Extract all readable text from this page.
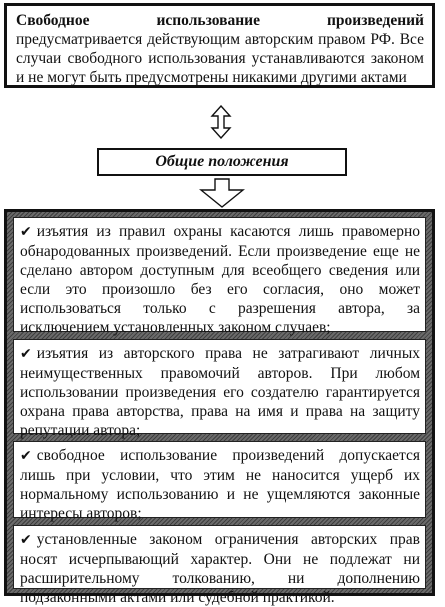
Свободное использование произведений предусматривается действующим авторским правом РФ. Все случаи свободного использования устанавливаются законом и не могут быть предусмотрены никакими другими актами
Общие положения
✔ изъятия из правил охраны касаются лишь правомерно обнародованных произведений. Если произведение еще не сделано автором доступным для всеобщего сведения или если это произошло без его согласия, оно может использоваться только с разрешения автора, за исключением установленных законом случаев;
✔ изъятия из авторского права не затрагивают личных неимущественных правомочий авторов. При любом использовании произведения его создателю гарантируется охрана права авторства, права на имя и права на защиту репутации автора;
✔ свободное использование произведений допускается лишь при условии, что этим не наносится ущерб их нормальному использованию и не ущемляются законные интересы авторов;
✔ установленные законом ограничения авторских прав носят исчерпывающий характер. Они не подлежат ни расширительному толкованию, ни дополнению подзаконными актами или судебной практикой.
